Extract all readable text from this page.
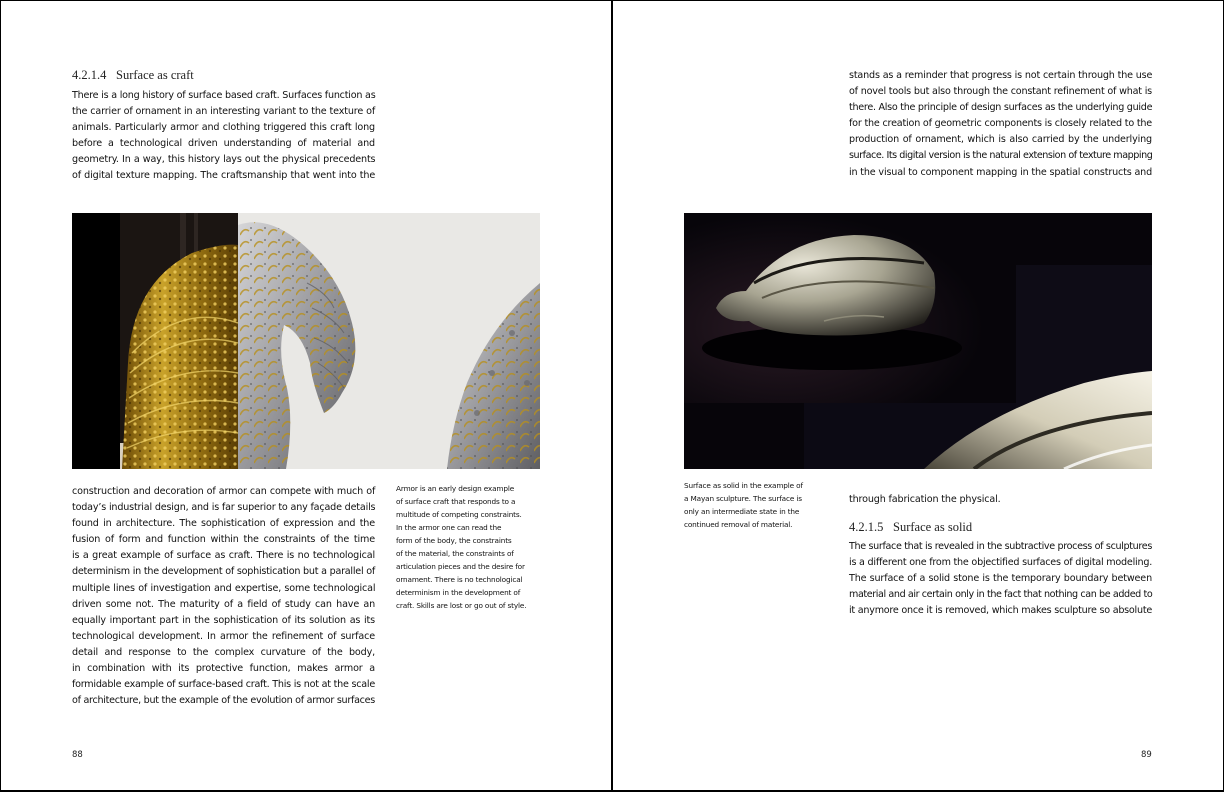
4.2.1.4 Surface as craft
There is a long history of surface based craft. Surfaces function as
the carrier of ornament in an interesting variant to the texture of
animals. Particularly armor and clothing triggered this craft long
before a technological driven understanding of material and
geometry. In a way, this history lays out the physical precedents
of digital texture mapping. The craftsmanship that went into the
construction and decoration of armor can compete with much of
today’s industrial design, and is far superior to any façade details
found in architecture. The sophistication of expression and the
fusion of form and function within the constraints of the time
is a great example of surface as craft. There is no technological
determinism in the development of sophistication but a parallel of
multiple lines of investigation and expertise, some technological
driven some not. The maturity of a field of study can have an
equally important part in the sophistication of its solution as its
technological development. In armor the refinement of surface
detail and response to the complex curvature of the body,
in combination with its protective function, makes armor a
formidable example of surface-based craft. This is not at the scale
of architecture, but the example of the evolution of armor surfaces
Armor is an early design example
of surface craft that responds to a
multitude of competing constraints.
In the armor one can read the
form of the body, the constraints
of the material, the constraints of
articulation pieces and the desire for
ornament. There is no technological
determinism in the development of
craft. Skills are lost or go out of style.
88
stands as a reminder that progress is not certain through the use
of novel tools but also through the constant refinement of what is
there. Also the principle of design surfaces as the underlying guide
for the creation of geometric components is closely related to the
production of ornament, which is also carried by the underlying
surface. Its digital version is the natural extension of texture mapping
in the visual to component mapping in the spatial constructs and
Surface as solid in the example of
a Mayan sculpture. The surface is
only an intermediate state in the
continued removal of material.
through fabrication the physical.
4.2.1.5 Surface as solid
The surface that is revealed in the subtractive process of sculptures
is a different one from the objectified surfaces of digital modeling.
The surface of a solid stone is the temporary boundary between
material and air certain only in the fact that nothing can be added to
it anymore once it is removed, which makes sculpture so absolute
89
